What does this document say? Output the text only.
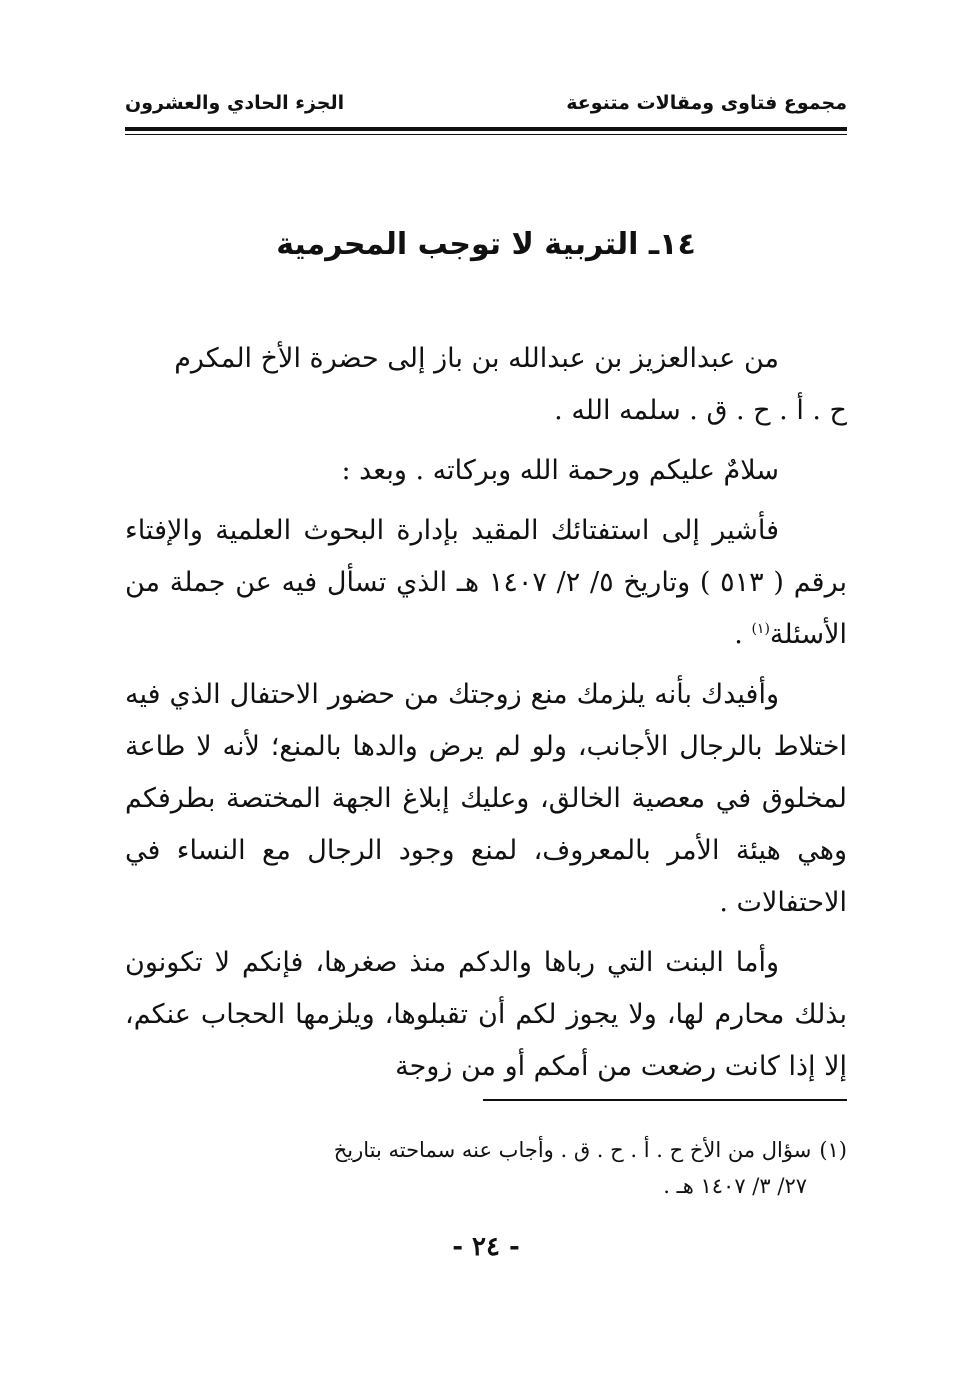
مجموع فتاوى ومقالات متنوعة
الجزء الحادي والعشرون
١٤ـ التربية لا توجب المحرمية

من عبدالعزيز بن عبدالله بن باز إلى حضرة الأخ المكرم

ح . أ . ح . ق . سلمه الله .

سلامٌ عليكم ورحمة الله وبركاته . وبعد :

فأشير إلى استفتائك المقيد بإدارة البحوث العلمية والإفتاء برقم ( ٥١٣ ) وتاريخ ٥/ ٢/ ١٤٠٧ هـ الذي تسأل فيه عن جملة من الأسئلة$^{(١)}$ .

وأفيدك بأنه يلزمك منع زوجتك من حضور الاحتفال الذي فيه اختلاط بالرجال الأجانب، ولو لم يرض والدها بالمنع؛ لأنه لا طاعة لمخلوق في معصية الخالق، وعليك إبلاغ الجهة المختصة بطرفكم وهي هيئة الأمر بالمعروف، لمنع وجود الرجال مع النساء في الاحتفالات .

وأما البنت التي رباها والدكم منذ صغرها، فإنكم لا تكونون بذلك محارم لها، ولا يجوز لكم أن تقبلوها، ويلزمها الحجاب عنكم، إلا إذا كانت رضعت من أمكم أو من زوجة

(١)سؤال من الأخ ح . أ . ح . ق . وأجاب عنه سماحته بتاريخ
٢٧/ ٣/ ١٤٠٧ هـ .
- ٢٤ -
